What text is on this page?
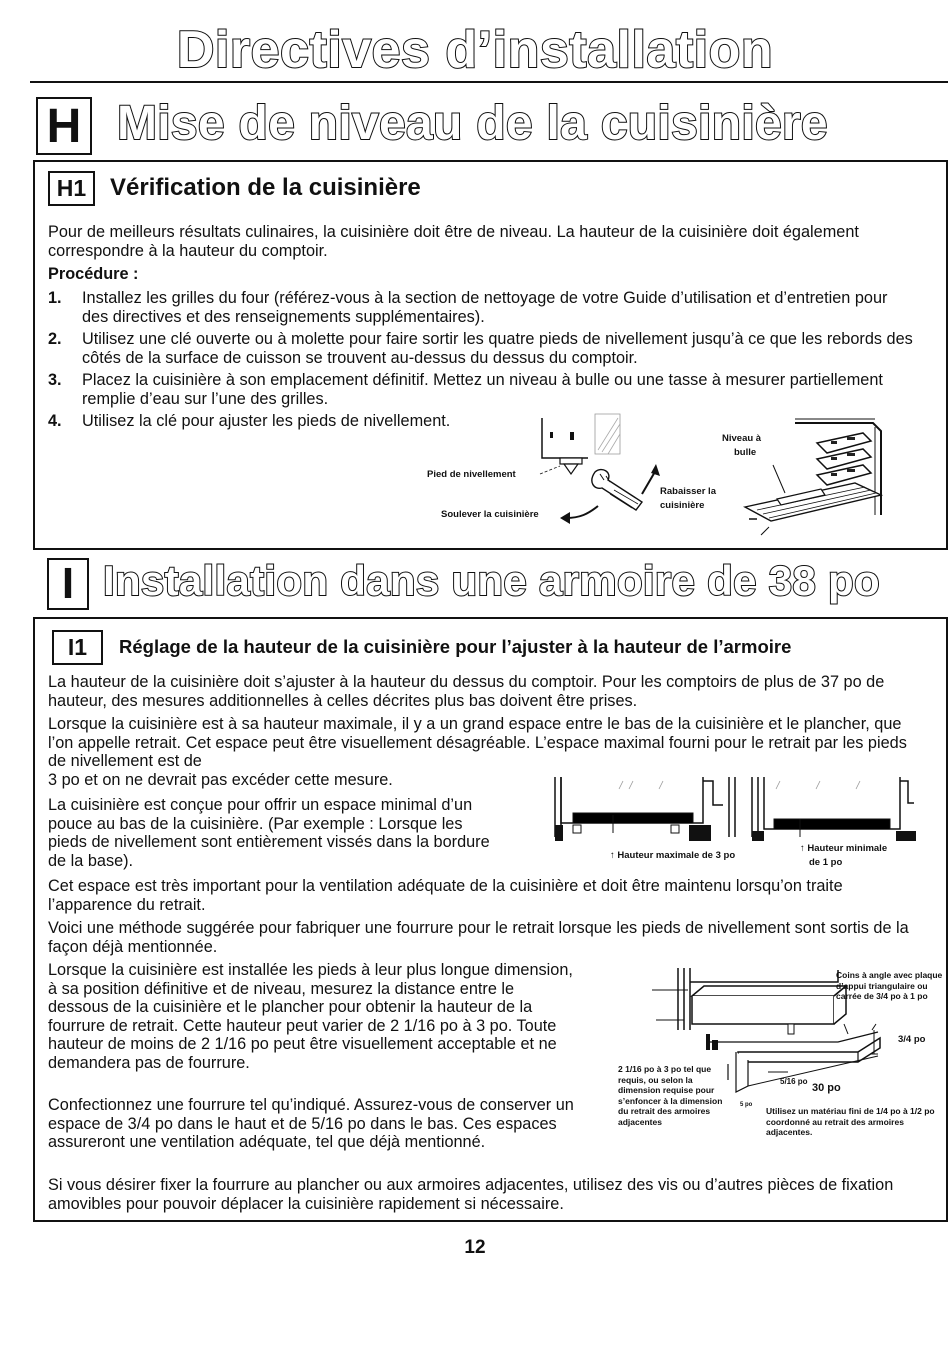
Directives d’installation
H Mise de niveau de la cuisinière
H1 Vérification de la cuisinière
Pour de meilleurs résultats culinaires, la cuisinière doit être de niveau. La hauteur de la cuisinière doit également correspondre à la hauteur du comptoir.
Procédure :
1. Installez les grilles du four (référez-vous à la section de nettoyage de votre Guide d’utilisation et d’entretien pour des directives et des renseignements supplémentaires).
2. Utilisez une clé ouverte ou à molette pour faire sortir les quatre pieds de nivellement jusqu’à ce que les rebords des côtés de la surface de cuisson se trouvent au-dessus du dessus du comptoir.
3. Placez la cuisinière à son emplacement définitif. Mettez un niveau à bulle ou une tasse à mesurer partiellement remplie d’eau sur l’une des grilles.
4. Utilisez la clé pour ajuster les pieds de nivellement.
Pied de nivellement
Soulever la cuisinière
Rabaisser la
cuisinière
Niveau à
bulle
I Installation dans une armoire de 38 po
I1	Réglage de la hauteur de la cuisinière pour l’ajuster à la hauteur de l’armoire
La hauteur de la cuisinière doit s’ajuster à la hauteur du dessus du comptoir. Pour les comptoirs de plus de 37 po de hauteur, des mesures additionnelles à celles décrites plus bas doivent être prises.
Lorsque la cuisinière est à sa hauteur maximale, il y a un grand espace entre le bas de la cuisinière et le plancher, que l’on appelle retrait. Cet espace peut être visuellement désagréable. L’espace maximal fourni pour le retrait par les pieds de nivellement est de
3 po et on ne devrait pas excéder cette mesure.
La cuisinière est conçue pour offrir un espace minimal d’un pouce au bas de la cuisinière. (Par exemple : Lorsque les pieds de nivellement sont entièrement vissés dans la bordure de la base).	↑ Hauteur maximale de 3 po
↑ Hauteur minimale
de 1 po
Cet espace est très important pour la ventilation adéquate de la cuisinière et doit être maintenu lorsqu’on traite l’apparence du retrait.
Voici une méthode suggérée pour fabriquer une fourrure pour le retrait lorsque les pieds de nivellement sont sortis de la façon déjà mentionnée.
Lorsque la cuisinière est installée les pieds à leur plus longue dimension, à sa position définitive et de niveau, mesurez la distance entre le dessous de la cuisinière et le plancher pour obtenir la hauteur de la fourrure de retrait. Cette hauteur peut varier de 2 1/16 po à 3 po. Toute hauteur de moins de 2 1/16 po peut être visuellement acceptable et ne demandera pas de fourrure.
Confectionnez une fourrure tel qu’indiqué. Assurez-vous de conserver un espace de 3/4 po dans le haut et de 5/16 po dans le bas. Ces espaces assureront une ventilation adéquate, tel que déjà mentionné.
Coins à angle avec plaque d’appui triangulaire ou carrée de 3/4 po à 1 po
3/4 po
5/16 po
30 po
5 po
2 1/16 po à 3 po tel que requis, ou selon la dimension requise pour s’enfoncer à la dimension du retrait des armoires adjacentes
Utilisez un matériau fini de 1/4 po à 1/2 po coordonné au retrait des armoires adjacentes.
Si vous désirer fixer la fourrure au plancher ou aux armoires adjacentes, utilisez des vis ou d’autres pièces de fixation amovibles pour pouvoir déplacer la cuisinière rapidement si nécessaire.
12
